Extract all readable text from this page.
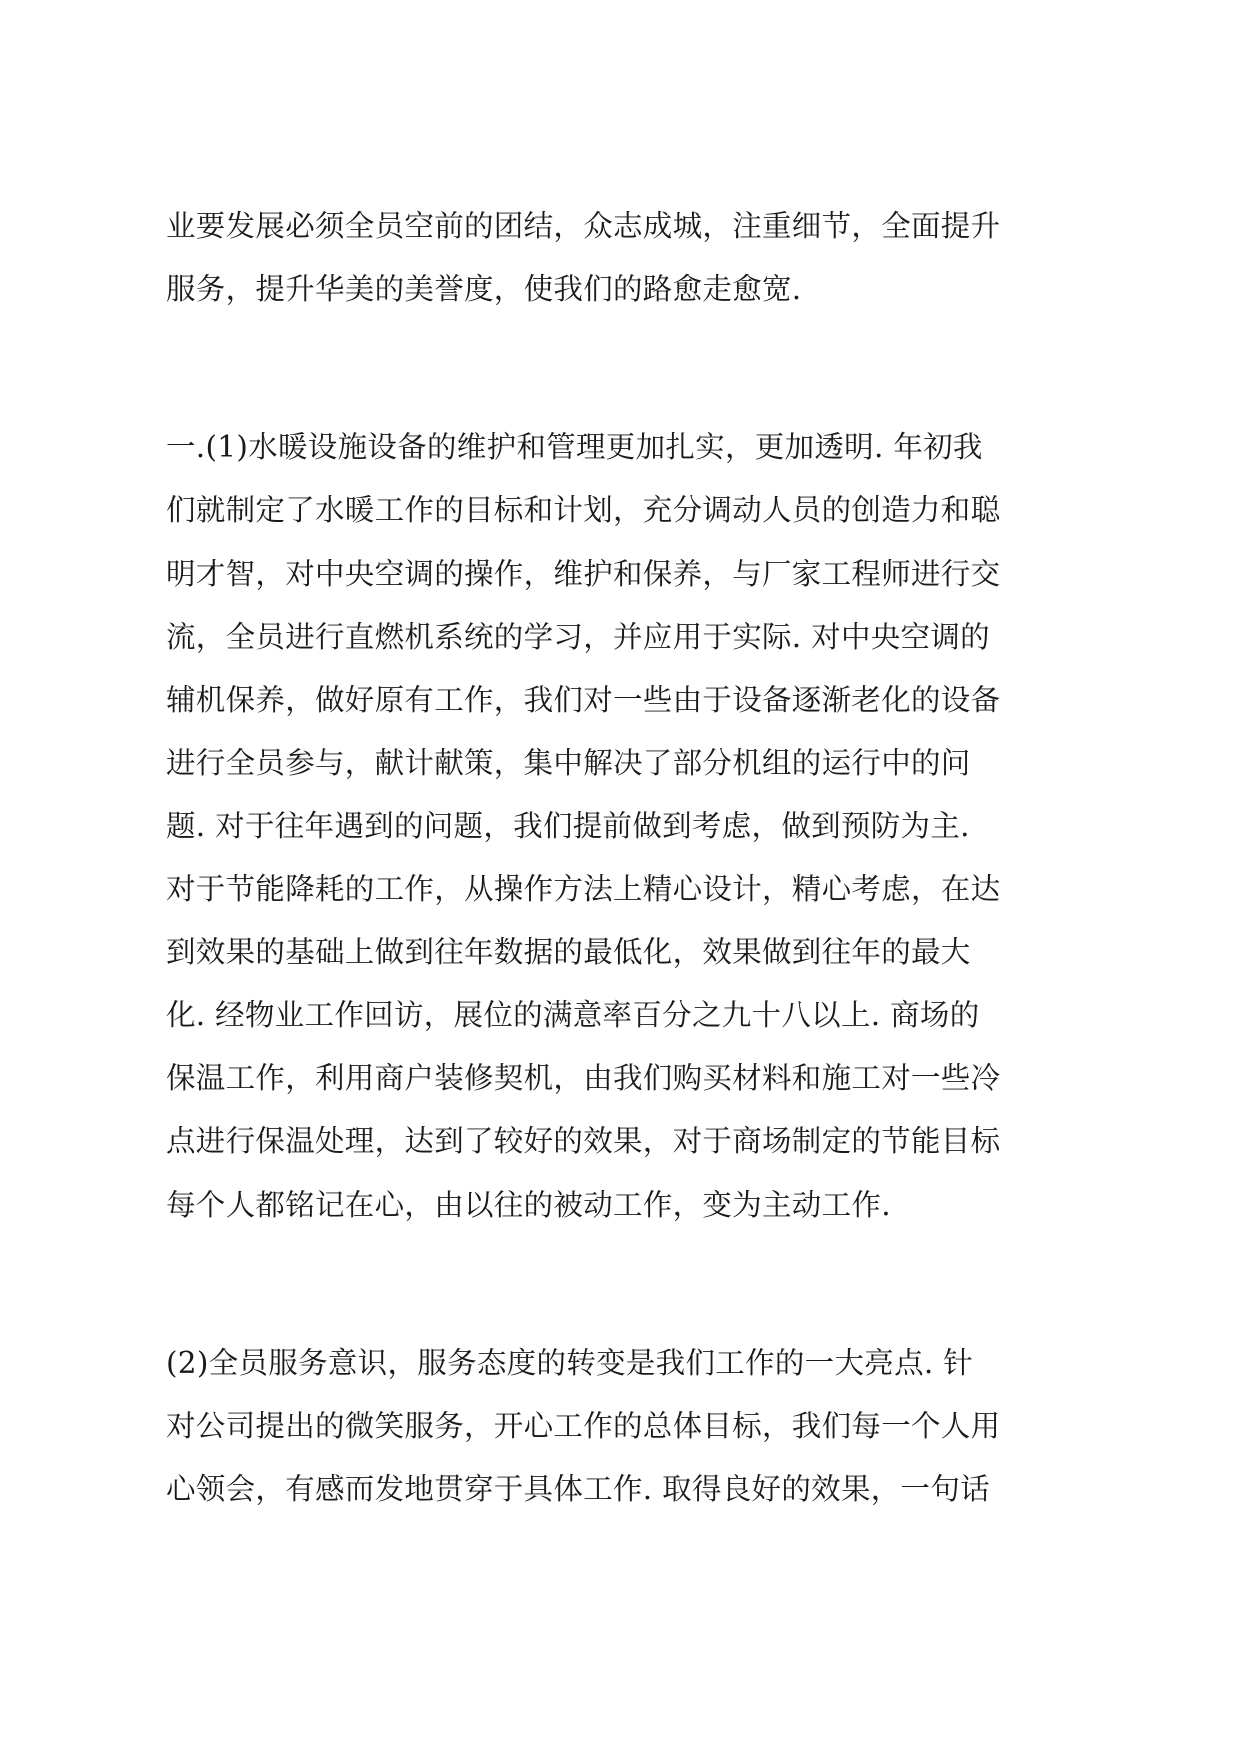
业要发展必须全员空前的团结，众志成城，注重细节，全面提升
服务，提升华美的美誉度，使我们的路愈走愈宽.
一.(1)水暖设施设备的维护和管理更加扎实，更加透明. 年初我
们就制定了水暖工作的目标和计划，充分调动人员的创造力和聪
明才智，对中央空调的操作，维护和保养，与厂家工程师进行交
流，全员进行直燃机系统的学习，并应用于实际. 对中央空调的
辅机保养，做好原有工作，我们对一些由于设备逐渐老化的设备
进行全员参与，献计献策，集中解决了部分机组的运行中的问
题. 对于往年遇到的问题，我们提前做到考虑，做到预防为主.
对于节能降耗的工作，从操作方法上精心设计，精心考虑，在达
到效果的基础上做到往年数据的最低化，效果做到往年的最大
化. 经物业工作回访，展位的满意率百分之九十八以上. 商场的
保温工作，利用商户装修契机，由我们购买材料和施工对一些冷
点进行保温处理，达到了较好的效果，对于商场制定的节能目标
每个人都铭记在心，由以往的被动工作，变为主动工作.
(2)全员服务意识，服务态度的转变是我们工作的一大亮点. 针
对公司提出的微笑服务，开心工作的总体目标，我们每一个人用
心领会，有感而发地贯穿于具体工作. 取得良好的效果，一句话
